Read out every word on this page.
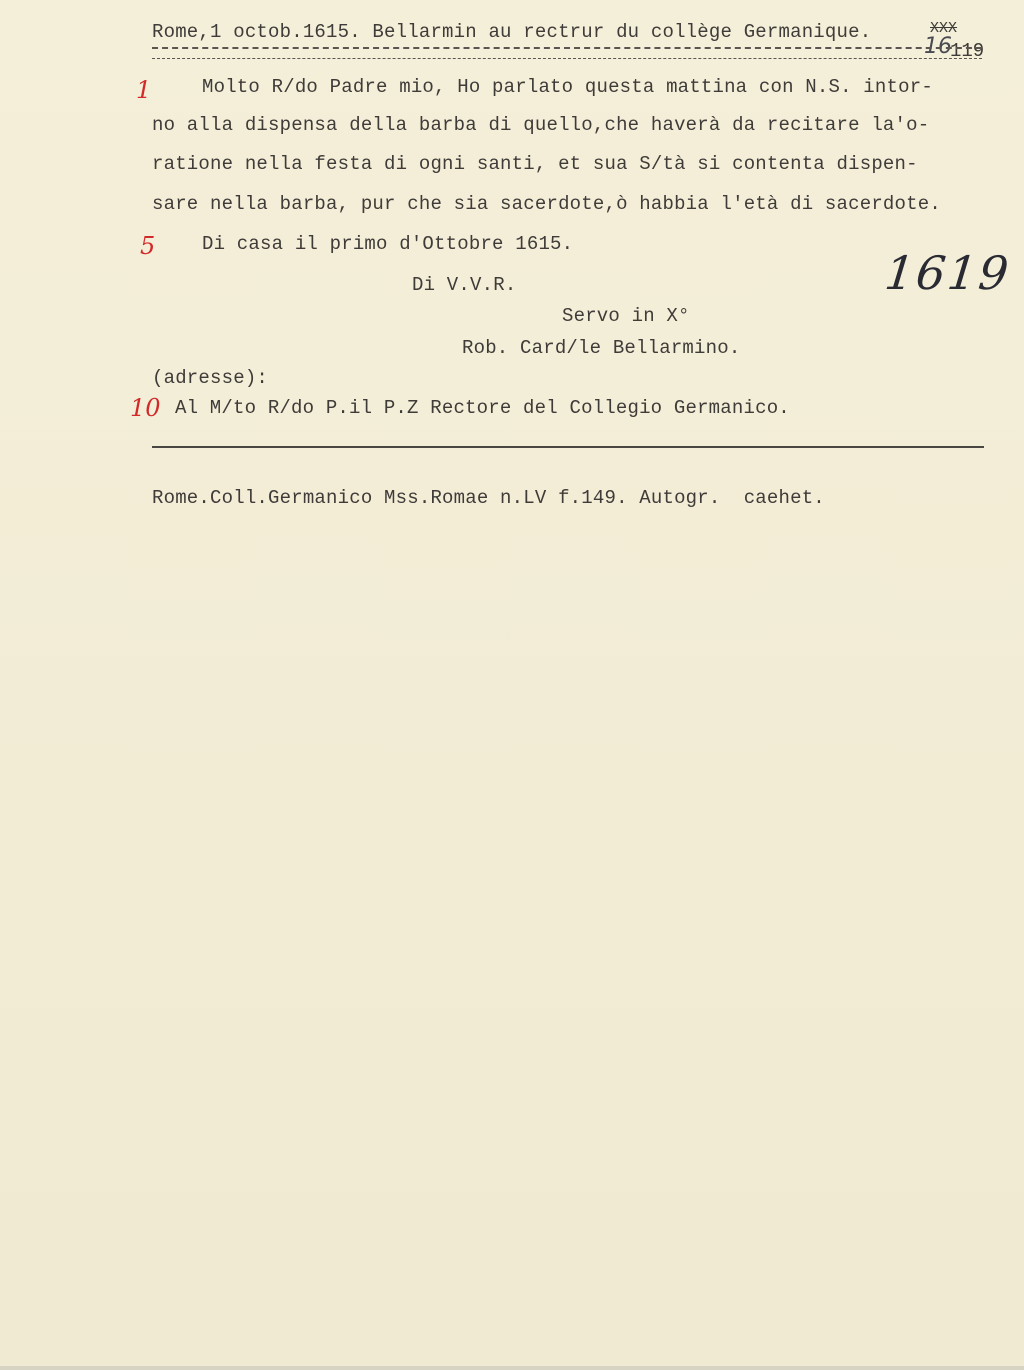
Rome,1 octob.1615. Bellarmin au rectrur du collège Germanique.	XXX
16
119
1
5
10
Molto R/do Padre mio, Ho parlato questa mattina con N.S. intor-
no alla dispensa della barba di quello,che haverà da recitare la'o-
ratione nella festa di ogni santi, et sua S/tà si contenta dispen-
sare nella barba, pur che sia sacerdote,ò habbia l'età di sacerdote.
Di casa il primo d'Ottobre 1615.
Di V.V.R.	1619
Servo in X°
Rob. Card/le Bellarmino.
(adresse):
Al M/to R/do P.il P.Z Rectore del Collegio Germanico.
Rome.Coll.Germanico Mss.Romae n.LV f.149. Autogr.  caehet.
